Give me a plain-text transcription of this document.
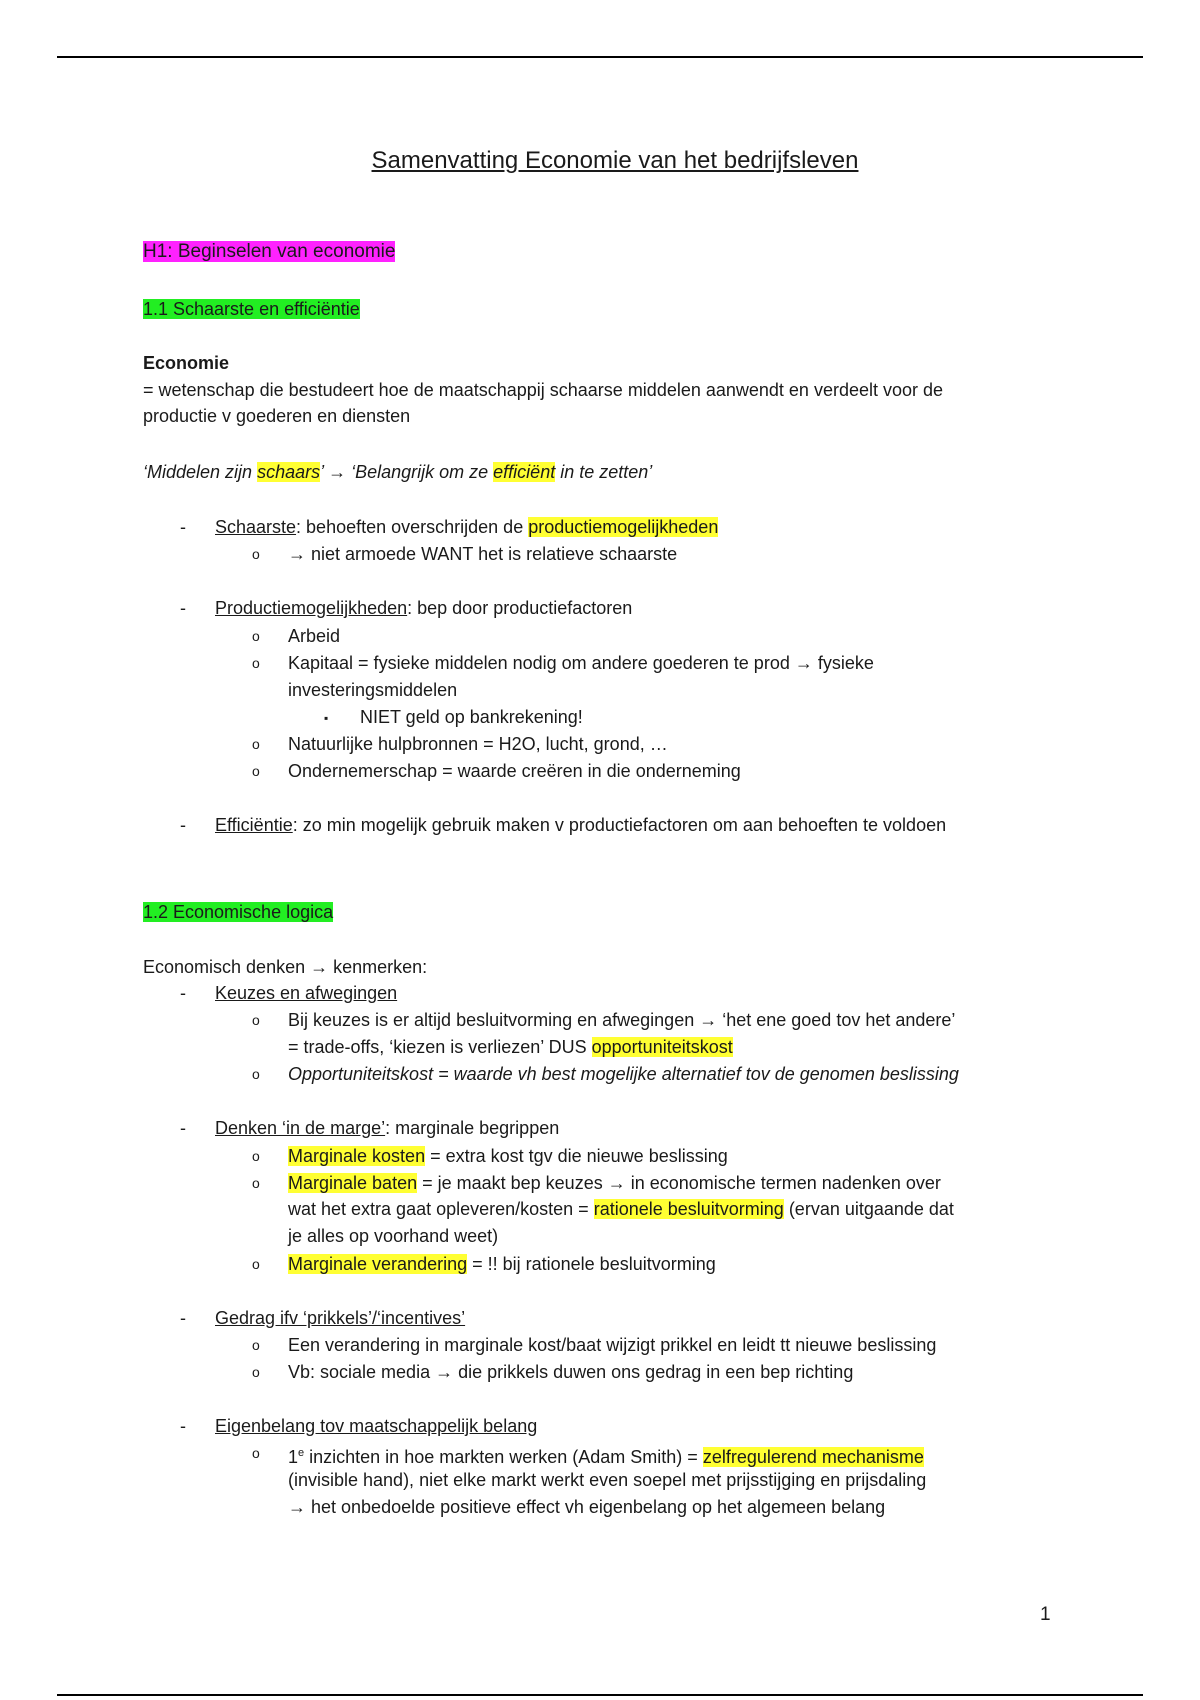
Samenvatting Economie van het bedrijfsleven
H1: Beginselen van economie
1.1 Schaarste en efficiëntie
Economie
= wetenschap die bestudeert hoe de maatschappij schaarse middelen aanwendt en verdeelt voor de
productie v goederen en diensten
‘Middelen zijn schaars’ → ‘Belangrijk om ze efficiënt in te zetten’
- Schaarste: behoeften overschrijden de productiemogelijkheden
o → niet armoede WANT het is relatieve schaarste
- Productiemogelijkheden: bep door productiefactoren
o Arbeid
o Kapitaal = fysieke middelen nodig om andere goederen te prod → fysieke
investeringsmiddelen
▪ NIET geld op bankrekening!
o Natuurlijke hulpbronnen = H2O, lucht, grond, …
o Ondernemerschap = waarde creëren in die onderneming
- Efficiëntie: zo min mogelijk gebruik maken v productiefactoren om aan behoeften te voldoen
1.2 Economische logica
Economisch denken → kenmerken:
- Keuzes en afwegingen
o Bij keuzes is er altijd besluitvorming en afwegingen → ‘het ene goed tov het andere’
= trade-offs, ‘kiezen is verliezen’ DUS opportuniteitskost
o Opportuniteitskost = waarde vh best mogelijke alternatief tov de genomen beslissing
- Denken ‘in de marge’: marginale begrippen
o Marginale kosten = extra kost tgv die nieuwe beslissing
o Marginale baten = je maakt bep keuzes → in economische termen nadenken over
wat het extra gaat opleveren/kosten = rationele besluitvorming (ervan uitgaande dat
je alles op voorhand weet)
o Marginale verandering = !! bij rationele besluitvorming
- Gedrag ifv ‘prikkels’/‘incentives’
o Een verandering in marginale kost/baat wijzigt prikkel en leidt tt nieuwe beslissing
o Vb: sociale media → die prikkels duwen ons gedrag in een bep richting
- Eigenbelang tov maatschappelijk belang
o 1e inzichten in hoe markten werken (Adam Smith) = zelfregulerend mechanisme
(invisible hand), niet elke markt werkt even soepel met prijsstijging en prijsdaling
→ het onbedoelde positieve effect vh eigenbelang op het algemeen belang
1
